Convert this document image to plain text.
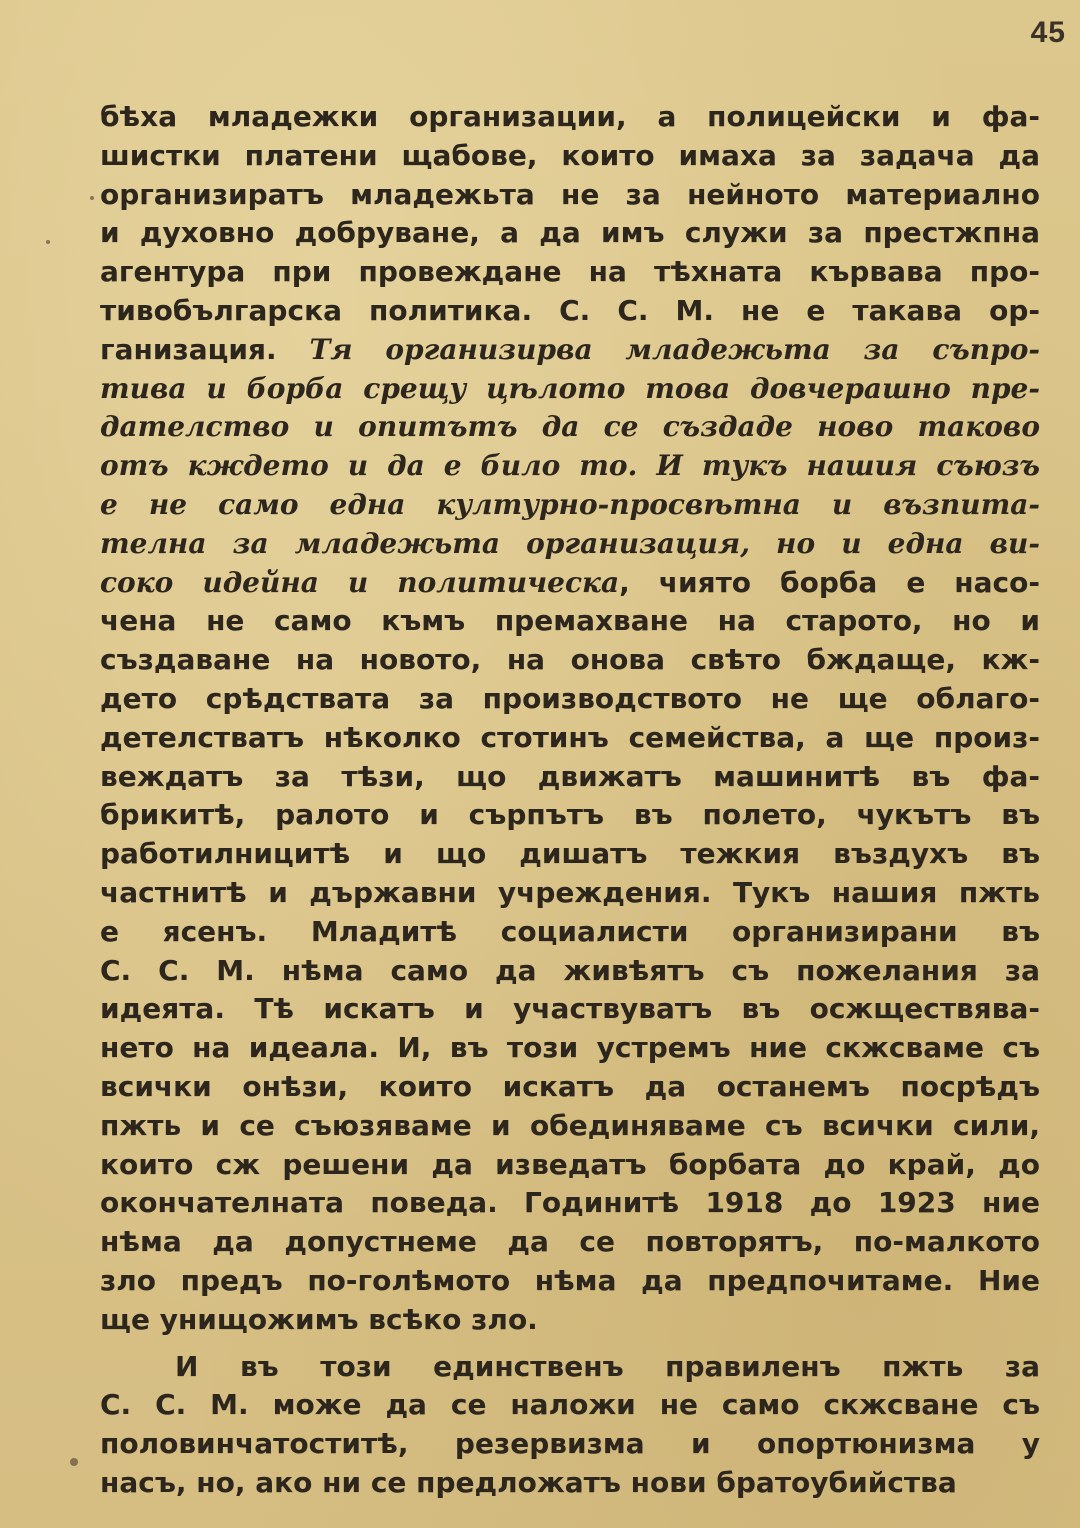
45
бѣха младежки организации, а полицейски и фа-
шистки платени щабове, които имаха за задача да
организиратъ младежьта не за нейното материално
и духовно добруване, а да имъ служи за престжпна
агентура при провеждане на тѣхната кървава про-
тивобългарска политика. С. С. М. не е такава ор-
ганизация. Тя организирва младежьта за съпро-
тива и борба срещу цѣлото това довчерашно пре-
дателство и опитътъ да се създаде ново таково
отъ кждето и да е било то. И тукъ нашия съюзъ
е не само една културно-просвѣтна и възпита-
телна за младежьта организация, но и една ви-
соко идейна и политическа, чиято борба е насо-
чена не само къмъ премахване на старото, но и
създаване на новото, на онова свѣто бждаще, кж-
дето срѣдствата за производството не ще облаго-
детелстватъ нѣколко стотинъ семейства, а ще произ-
веждатъ за тѣзи, що движатъ машинитѣ въ фа-
брикитѣ, ралото и сърпътъ въ полето, чукътъ въ
работилницитѣ и що дишатъ тежкия въздухъ въ
частнитѣ и държавни учреждения. Тукъ нашия пжть
е ясенъ. Младитѣ социалисти организирани въ
С. С. М. нѣма само да живѣятъ съ пожелания за
идеята. Тѣ искатъ и участвуватъ въ осжществява-
нето на идеала. И, въ този устремъ ние скжсваме съ
всички онѣзи, които искатъ да останемъ посрѣдъ
пжть и се съюзяваме и обединяваме съ всички сили,
които сж решени да изведатъ борбата до край, до
окончателната поведа. Годинитѣ 1918 до 1923 ние
нѣма да допустнеме да се повторятъ, по-малкото
зло предъ по-голѣмото нѣма да предпочитаме. Ние
ще унищожимъ всѣко зло.
И въ този единственъ правиленъ пжть за
С. С. М. може да се наложи не само скжсване съ
половинчатоститѣ, резервизма и опортюнизма у
насъ, но, ако ни се предложатъ нови братоубийства
